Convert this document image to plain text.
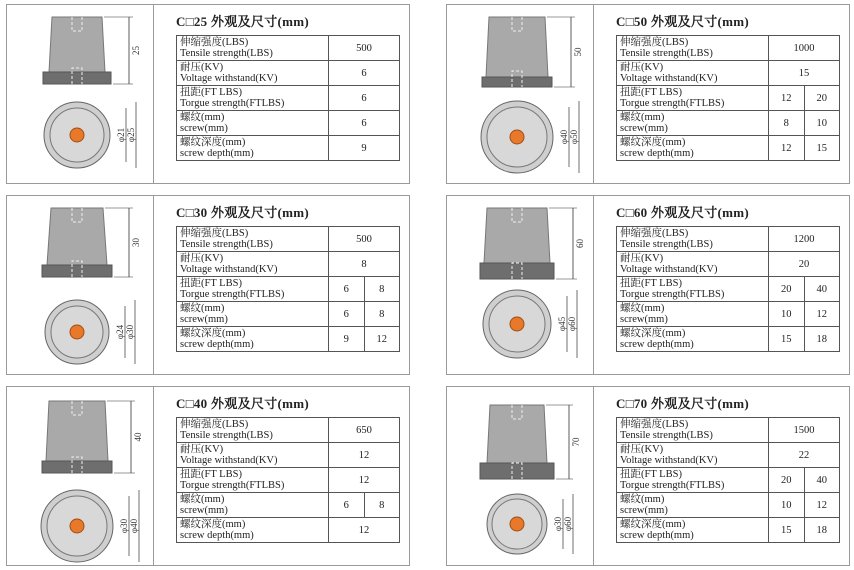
25
φ21 φ25
C□25 外观及尺寸(mm)
伸缩强度(LBS)
Tensile strength(LBS)	500

耐压(KV)
Voltage withstand(KV)	6

扭距(FT LBS)
Torgue strength(FTLBS)	6

螺纹(mm)
screw(mm)	6

螺纹深度(mm)
screw depth(mm)	9
50
φ40 φ50
C□50 外观及尺寸(mm)
伸缩强度(LBS)
Tensile strength(LBS)	1000	

耐压(KV)
Voltage withstand(KV)	15	

扭距(FT LBS)
Torgue strength(FTLBS)	12	20

螺纹(mm)
screw(mm)	8	10

螺纹深度(mm)
screw depth(mm)	12	15
30
φ24 φ30
C□30 外观及尺寸(mm)
伸缩强度(LBS)
Tensile strength(LBS)	500	

耐压(KV)
Voltage withstand(KV)	8	

扭距(FT LBS)
Torgue strength(FTLBS)	6	8

螺纹(mm)
screw(mm)	6	8

螺纹深度(mm)
screw depth(mm)	9	12
60
φ45 φ60
C□60 外观及尺寸(mm)
伸缩强度(LBS)
Tensile strength(LBS)	1200	

耐压(KV)
Voltage withstand(KV)	20	

扭距(FT LBS)
Torgue strength(FTLBS)	20	40

螺纹(mm)
screw(mm)	10	12

螺纹深度(mm)
screw depth(mm)	15	18
40
φ30 φ40
C□40 外观及尺寸(mm)
伸缩强度(LBS)
Tensile strength(LBS)	650	

耐压(KV)
Voltage withstand(KV)	12	

扭距(FT LBS)
Torgue strength(FTLBS)	12	

螺纹(mm)
screw(mm)	6	8

螺纹深度(mm)
screw depth(mm)	12	
70
φ30 φ60
C□70 外观及尺寸(mm)
伸缩强度(LBS)
Tensile strength(LBS)	1500	

耐压(KV)
Voltage withstand(KV)	22	

扭距(FT LBS)
Torgue strength(FTLBS)	20	40

螺纹(mm)
screw(mm)	10	12

螺纹深度(mm)
screw depth(mm)	15	18
